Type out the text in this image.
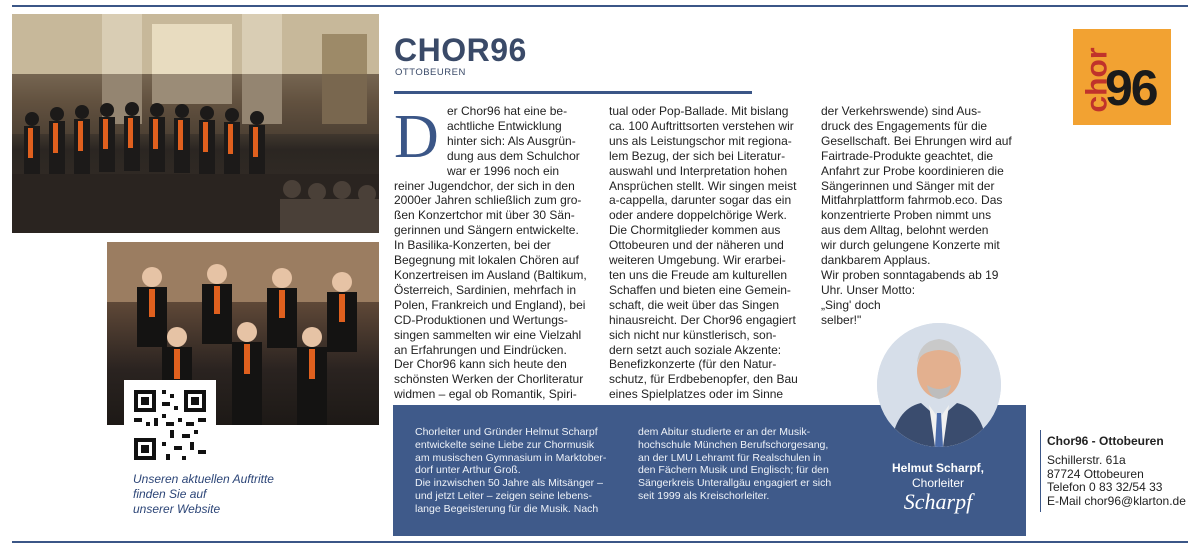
Unseren aktuellen Auftritte
finden Sie auf
unserer Website
CHOR96
OTTOBEUREN
D er Chor96 hat eine be-
achtliche Entwicklung
hinter sich: Als Ausgrün-
dung aus dem Schulchor
war er 1996 noch ein
reiner Jugendchor, der sich in den
2000er Jahren schließlich zum gro-
ßen Konzertchor mit über 30 Sän-
gerinnen und Sängern entwickelte.
In Basilika-Konzerten, bei der
Begegnung mit lokalen Chören auf
Konzertreisen im Ausland (Baltikum,
Österreich, Sardinien, mehrfach in
Polen, Frankreich und England), bei
CD-Produktionen und Wertungs-
singen sammelten wir eine Vielzahl
an Erfahrungen und Eindrücken.
Der Chor96 kann sich heute den
schönsten Werken der Chorliteratur
widmen – egal ob Romantik, Spiri-
tual oder Pop-Ballade. Mit bislang
ca. 100 Auftrittsorten verstehen wir
uns als Leistungschor mit regiona-
lem Bezug, der sich bei Literatur-
auswahl und Interpretation hohen
Ansprüchen stellt. Wir singen meist
a-cappella, darunter sogar das ein
oder andere doppelchörige Werk.
Die Chormitglieder kommen aus
Ottobeuren und der näheren und
weiteren Umgebung. Wir erarbei-
ten uns die Freude am kulturellen
Schaffen und bieten eine Gemein-
schaft, die weit über das Singen
hinausreicht. Der Chor96 engagiert
sich nicht nur künstlerisch, son-
dern setzt auch soziale Akzente:
Benefizkonzerte (für den Natur-
schutz, für Erdbebenopfer, den Bau
eines Spielplatzes oder im Sinne
der Verkehrswende) sind Aus-
druck des Engagements für die
Gesellschaft. Bei Ehrungen wird auf
Fairtrade-Produkte geachtet, die
Anfahrt zur Probe koordinieren die
Sängerinnen und Sänger mit der
Mitfahrplattform fahrmob.eco. Das
konzentrierte Proben nimmt uns
aus dem Alltag, belohnt werden
wir durch gelungene Konzerte mit
dankbarem Applaus.
Wir proben sonntagabends ab 19
Uhr. Unser Motto:
„Sing' doch
selber!"
Chorleiter und Gründer Helmut Scharpf
entwickelte seine Liebe zur Chormusik
am musischen Gymnasium in Marktober-
dorf unter Arthur Groß.
Die inzwischen 50 Jahre als Mitsänger –
und jetzt Leiter – zeigen seine lebens-
lange Begeisterung für die Musik. Nach
dem Abitur studierte er an der Musik-
hochschule München Berufschorgesang,
an der LMU Lehramt für Realschulen in
den Fächern Musik und Englisch; für den
Sängerkreis Unterallgäu engagiert er sich
seit 1999 als Kreischorleiter.
Helmut Scharpf,
Chorleiter
Scharpf
chor
96
Chor96 - Ottobeuren
Schillerstr. 61a
87724 Ottobeuren
Telefon 0 83 32/54 33
E-Mail chor96@klarton.de
